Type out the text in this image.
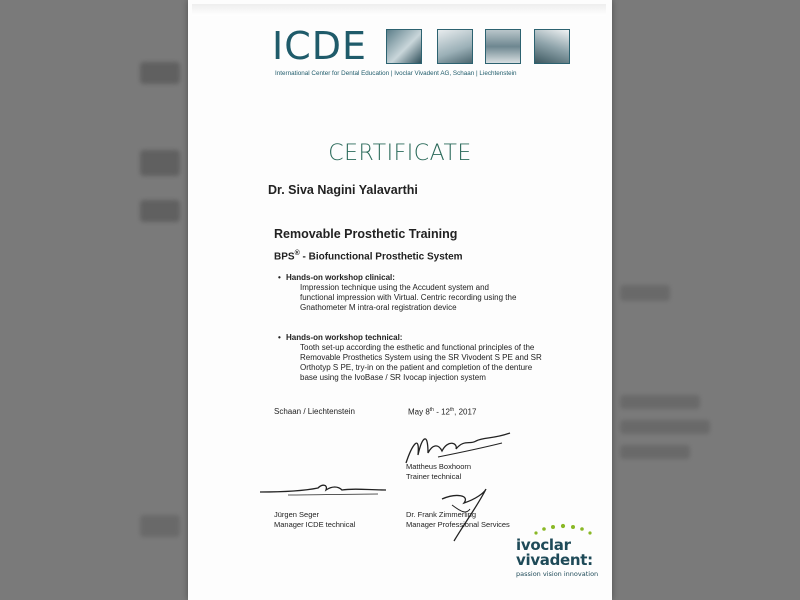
ICDE
International Center for Dental Education | Ivoclar Vivadent AG, Schaan | Liechtenstein
CERTIFICATE
Dr. Siva Nagini Yalavarthi
Removable Prosthetic Training
BPS® - Biofunctional Prosthetic System
• Hands-on workshop clinical:
Impression technique using the Accudent system and
functional impression with Virtual. Centric recording using the
Gnathometer M intra-oral registration device
• Hands-on workshop technical:
Tooth set-up according the esthetic and functional principles of the
Removable Prosthetics System using the SR Vivodent S PE and SR
Orthotyp S PE, try-in on the patient and completion of the denture
base using the IvoBase / SR Ivocap injection system
Schaan / Liechtenstein	May 8th - 12th, 2017
Mattheus Boxhoorn
Trainer technical
Jürgen Seger
Manager ICDE technical
Dr. Frank Zimmerling
Manager Professional Services
ivoclar
vivadent:
passion vision innovation
